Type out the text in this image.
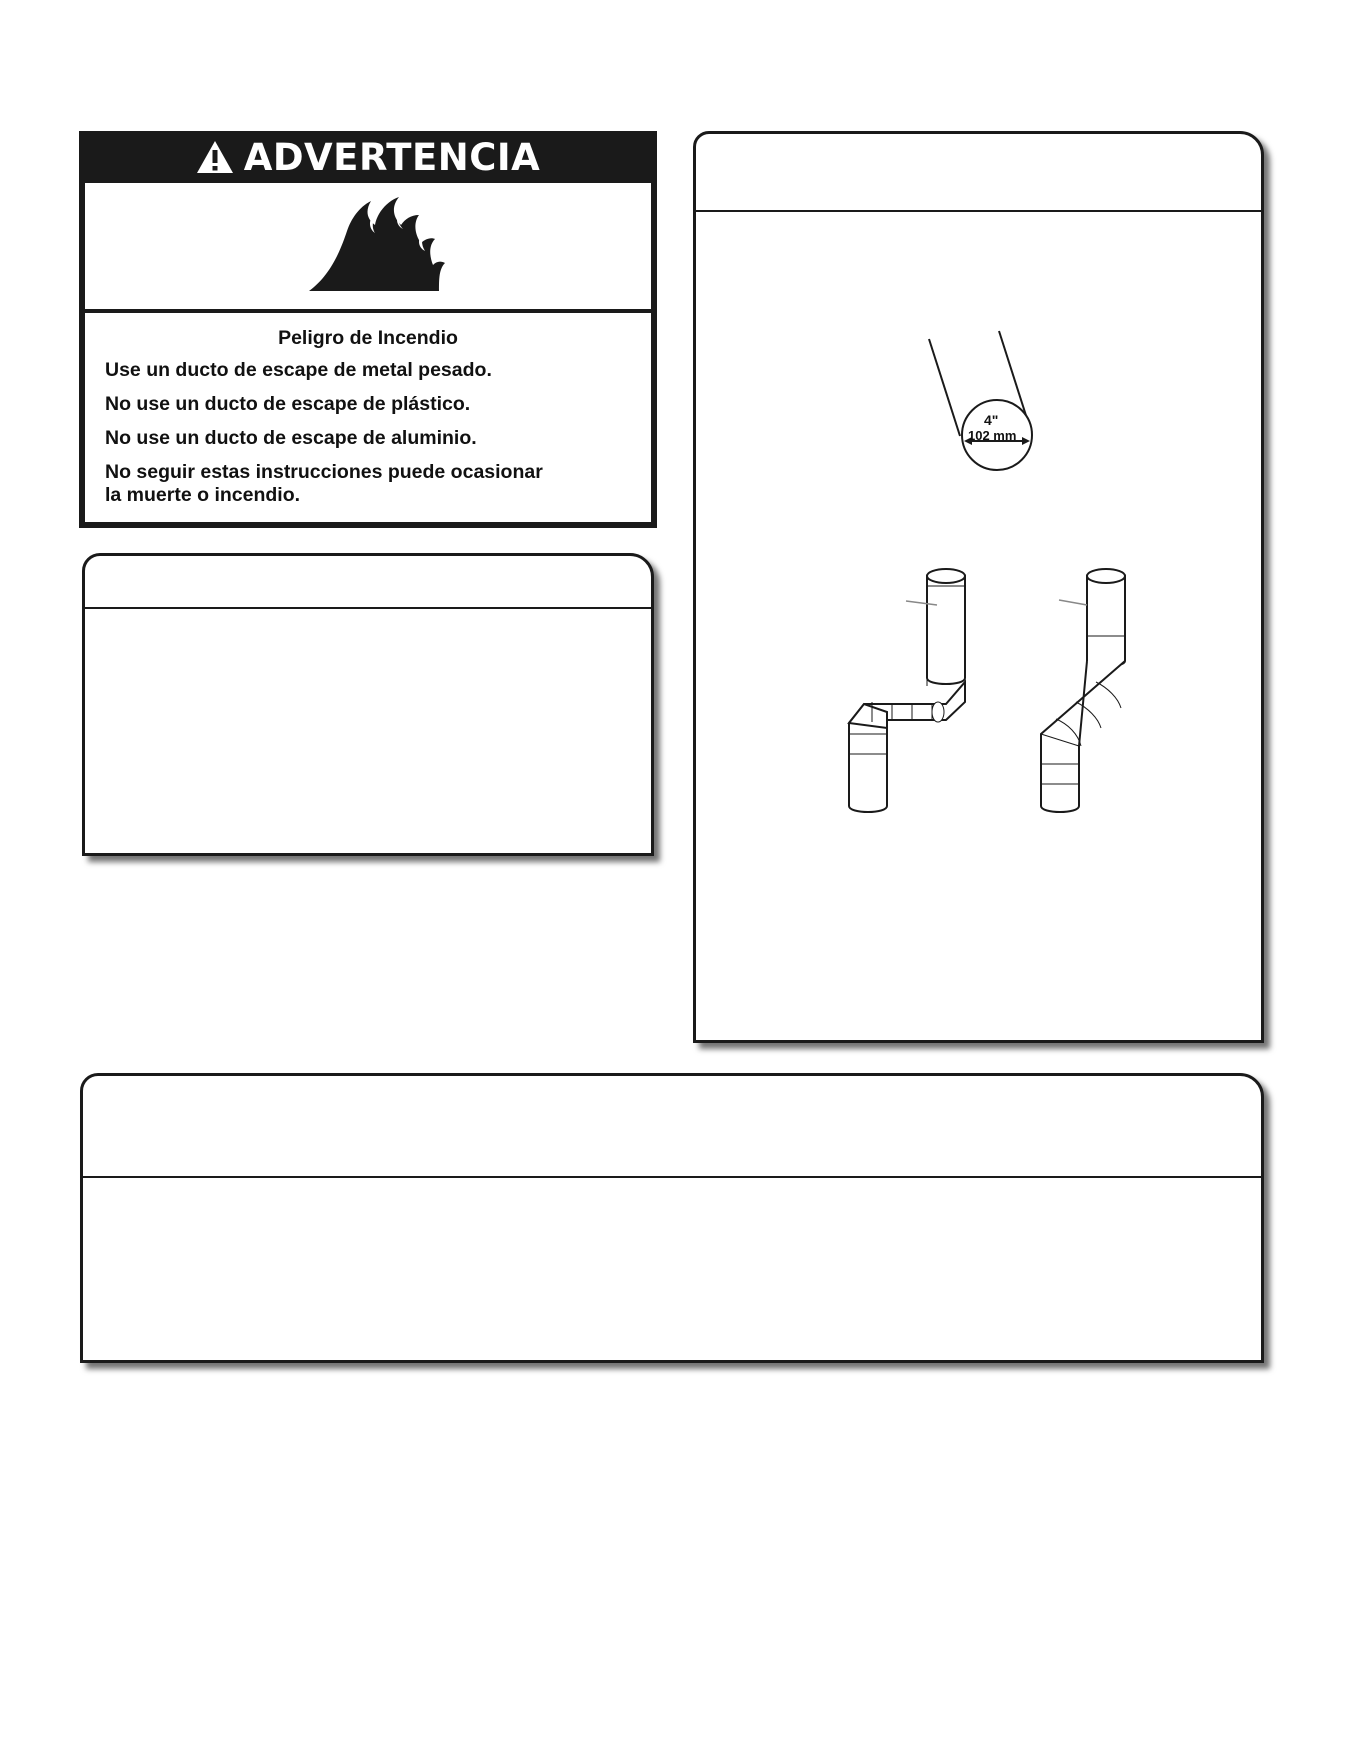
ADVERTENCIA
Peligro de Incendio
Use un ducto de escape de metal pesado.
No use un ducto de escape de plástico.
No use un ducto de escape de aluminio.
No seguir estas instrucciones puede ocasionar
la muerte o incendio.
4"
102 mm
